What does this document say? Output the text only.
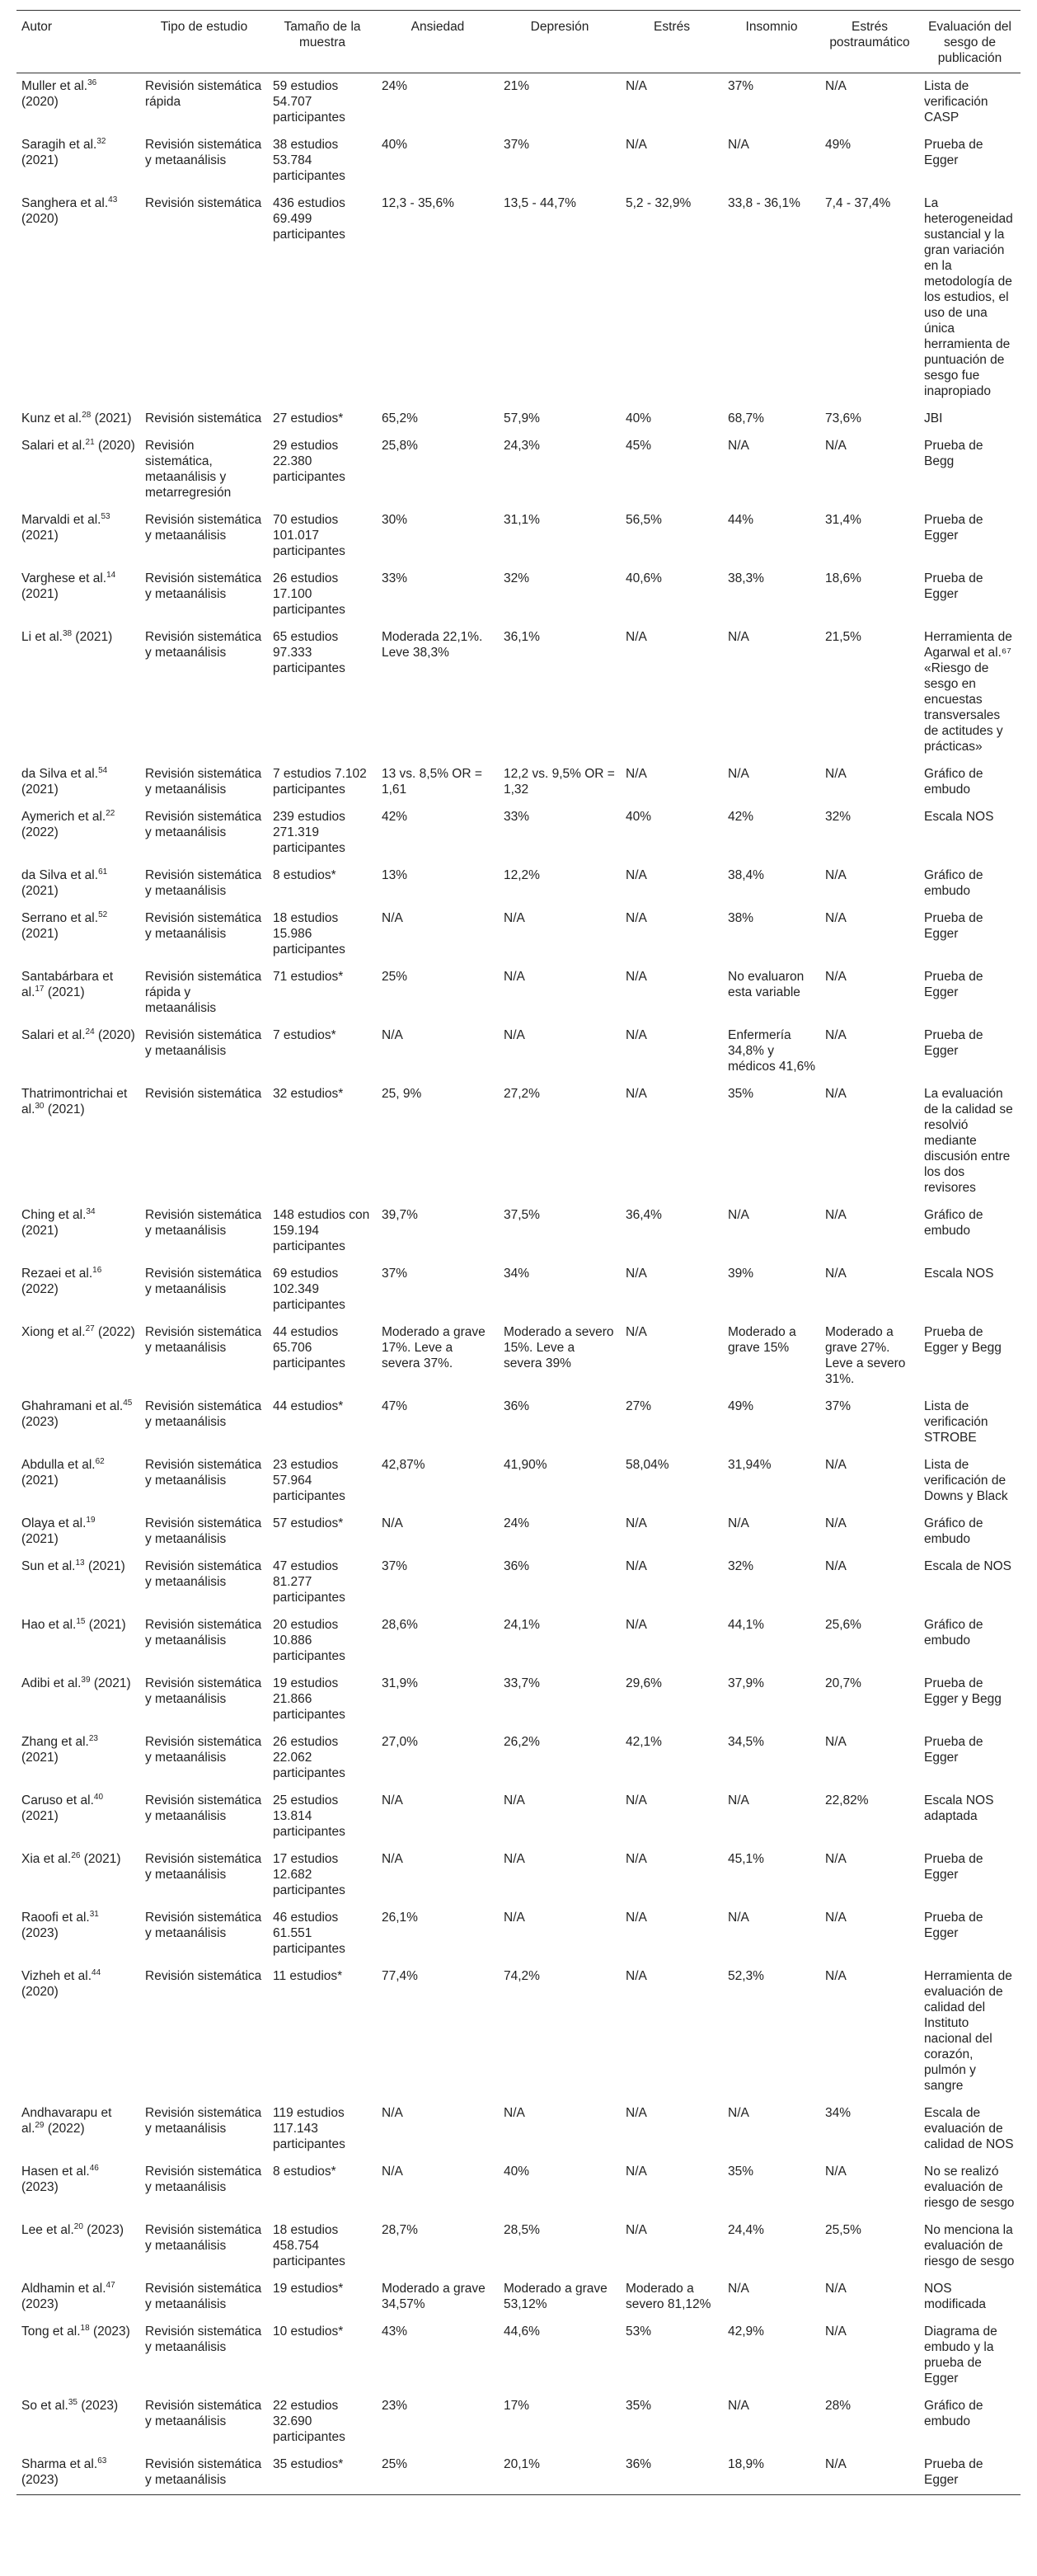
Autor	Tipo de estudio	Tamaño de la muestra	Ansiedad	Depresión	Estrés	Insomnio	Estrés postraumático	Evaluación del sesgo de publicación
Muller et al.$^{36}$ (2020)	Revisión sistemática rápida	59 estudios 54.707 participantes	24%	21%	N/A	37%	N/A	Lista de verificación CASP

Saragih et al.$^{32}$ (2021)	Revisión sistemática y metaanálisis	38 estudios 53.784 participantes	40%	37%	N/A	N/A	49%	Prueba de Egger

Sanghera et al.$^{43}$ (2020)	Revisión sistemática	436 estudios 69.499 participantes	12,3 - 35,6%	13,5 - 44,7%	5,2 - 32,9%	33,8 - 36,1%	7,4 - 37,4%	La heterogeneidad sustancial y la gran variación en la metodología de los estudios, el uso de una única herramienta de puntuación de sesgo fue inapropiado

Kunz et al.$^{28}$ (2021)	Revisión sistemática	27 estudios*	65,2%	57,9%	40%	68,7%	73,6%	JBI

Salari et al.$^{21}$ (2020)	Revisión sistemática, metaanálisis y metarregresión	29 estudios 22.380 participantes	25,8%	24,3%	45%	N/A	N/A	Prueba de Begg

Marvaldi et al.$^{53}$ (2021)	Revisión sistemática y metaanálisis	70 estudios 101.017 participantes	30%	31,1%	56,5%	44%	31,4%	Prueba de Egger

Varghese et al.$^{14}$ (2021)	Revisión sistemática y metaanálisis	26 estudios 17.100 participantes	33%	32%	40,6%	38,3%	18,6%	Prueba de Egger

Li et al.$^{38}$ (2021)	Revisión sistemática y metaanálisis	65 estudios 97.333 participantes	Moderada 22,1%. Leve 38,3%	36,1%	N/A	N/A	21,5%	Herramienta de Agarwal et al.⁶⁷ «Riesgo de sesgo en encuestas transversales de actitudes y prácticas»

da Silva et al.$^{54}$ (2021)	Revisión sistemática y metaanálisis	7 estudios 7.102 participantes	13 vs. 8,5% OR = 1,61	12,2 vs. 9,5% OR = 1,32	N/A	N/A	N/A	Gráfico de embudo

Aymerich et al.$^{22}$ (2022)	Revisión sistemática y metaanálisis	239 estudios 271.319 participantes	42%	33%	40%	42%	32%	Escala NOS

da Silva et al.$^{61}$ (2021)	Revisión sistemática y metaanálisis	8 estudios*	13%	12,2%	N/A	38,4%	N/A	Gráfico de embudo

Serrano et al.$^{52}$ (2021)	Revisión sistemática y metaanálisis	18 estudios 15.986 participantes	N/A	N/A	N/A	38%	N/A	Prueba de Egger

Santabárbara et al.$^{17}$ (2021)	Revisión sistemática rápida y metaanálisis	71 estudios*	25%	N/A	N/A	No evaluaron esta variable	N/A	Prueba de Egger

Salari et al.$^{24}$ (2020)	Revisión sistemática y metaanálisis	7 estudios*	N/A	N/A	N/A	Enfermería 34,8% y médicos 41,6%	N/A	Prueba de Egger

Thatrimontrichai et al.$^{30}$ (2021)	Revisión sistemática	32 estudios*	25, 9%	27,2%	N/A	35%	N/A	La evaluación de la calidad se resolvió mediante discusión entre los dos revisores

Ching et al.$^{34}$ (2021)	Revisión sistemática y metaanálisis	148 estudios con 159.194 participantes	39,7%	37,5%	36,4%	N/A	N/A	Gráfico de embudo

Rezaei et al.$^{16}$ (2022)	Revisión sistemática y metaanálisis	69 estudios 102.349 participantes	37%	34%	N/A	39%	N/A	Escala NOS

Xiong et al.$^{27}$ (2022)	Revisión sistemática y metaanálisis	44 estudios 65.706 participantes	Moderado a grave 17%. Leve a severa 37%.	Moderado a severo 15%. Leve a severa 39%	N/A	Moderado a grave 15%	Moderado a grave 27%. Leve a severo 31%.	Prueba de Egger y Begg

Ghahramani et al.$^{45}$ (2023)	Revisión sistemática y metaanálisis	44 estudios*	47%	36%	27%	49%	37%	Lista de verificación STROBE

Abdulla et al.$^{62}$ (2021)	Revisión sistemática y metaanálisis	23 estudios 57.964 participantes	42,87%	41,90%	58,04%	31,94%	N/A	Lista de verificación de Downs y Black

Olaya et al.$^{19}$ (2021)	Revisión sistemática y metaanálisis	57 estudios*	N/A	24%	N/A	N/A	N/A	Gráfico de embudo

Sun et al.$^{13}$ (2021)	Revisión sistemática y metaanálisis	47 estudios 81.277 participantes	37%	36%	N/A	32%	N/A	Escala de NOS

Hao et al.$^{15}$ (2021)	Revisión sistemática y metaanálisis	20 estudios 10.886 participantes	28,6%	24,1%	N/A	44,1%	25,6%	Gráfico de embudo

Adibi et al.$^{39}$ (2021)	Revisión sistemática y metaanálisis	19 estudios 21.866 participantes	31,9%	33,7%	29,6%	37,9%	20,7%	Prueba de Egger y Begg

Zhang et al.$^{23}$ (2021)	Revisión sistemática y metaanálisis	26 estudios 22.062 participantes	27,0%	26,2%	42,1%	34,5%	N/A	Prueba de Egger

Caruso et al.$^{40}$ (2021)	Revisión sistemática y metaanálisis	25 estudios 13.814 participantes	N/A	N/A	N/A	N/A	22,82%	Escala NOS adaptada

Xia et al.$^{26}$ (2021)	Revisión sistemática y metaanálisis	17 estudios 12.682 participantes	N/A	N/A	N/A	45,1%	N/A	Prueba de Egger

Raoofi et al.$^{31}$ (2023)	Revisión sistemática y metaanálisis	46 estudios 61.551 participantes	26,1%	N/A	N/A	N/A	N/A	Prueba de Egger

Vizheh et al.$^{44}$ (2020)	Revisión sistemática	11 estudios*	77,4%	74,2%	N/A	52,3%	N/A	Herramienta de evaluación de calidad del Instituto nacional del corazón, pulmón y sangre

Andhavarapu et al.$^{29}$ (2022)	Revisión sistemática y metaanálisis	119 estudios 117.143 participantes	N/A	N/A	N/A	N/A	34%	Escala de evaluación de calidad de NOS

Hasen et al.$^{46}$ (2023)	Revisión sistemática y metaanálisis	8 estudios*	N/A	40%	N/A	35%	N/A	No se realizó evaluación de riesgo de sesgo

Lee et al.$^{20}$ (2023)	Revisión sistemática y metaanálisis	18 estudios 458.754 participantes	28,7%	28,5%	N/A	24,4%	25,5%	No menciona la evaluación de riesgo de sesgo

Aldhamin et al.$^{47}$ (2023)	Revisión sistemática y metaanálisis	19 estudios*	Moderado a grave 34,57%	Moderado a grave 53,12%	Moderado a severo 81,12%	N/A	N/A	NOS modificada

Tong et al.$^{18}$ (2023)	Revisión sistemática y metaanálisis	10 estudios*	43%	44,6%	53%	42,9%	N/A	Diagrama de embudo y la prueba de Egger

So et al.$^{35}$ (2023)	Revisión sistemática y metaanálisis	22 estudios 32.690 participantes	23%	17%	35%	N/A	28%	Gráfico de embudo

Sharma et al.$^{63}$ (2023)	Revisión sistemática y metaanálisis	35 estudios*	25%	20,1%	36%	18,9%	N/A	Prueba de Egger
